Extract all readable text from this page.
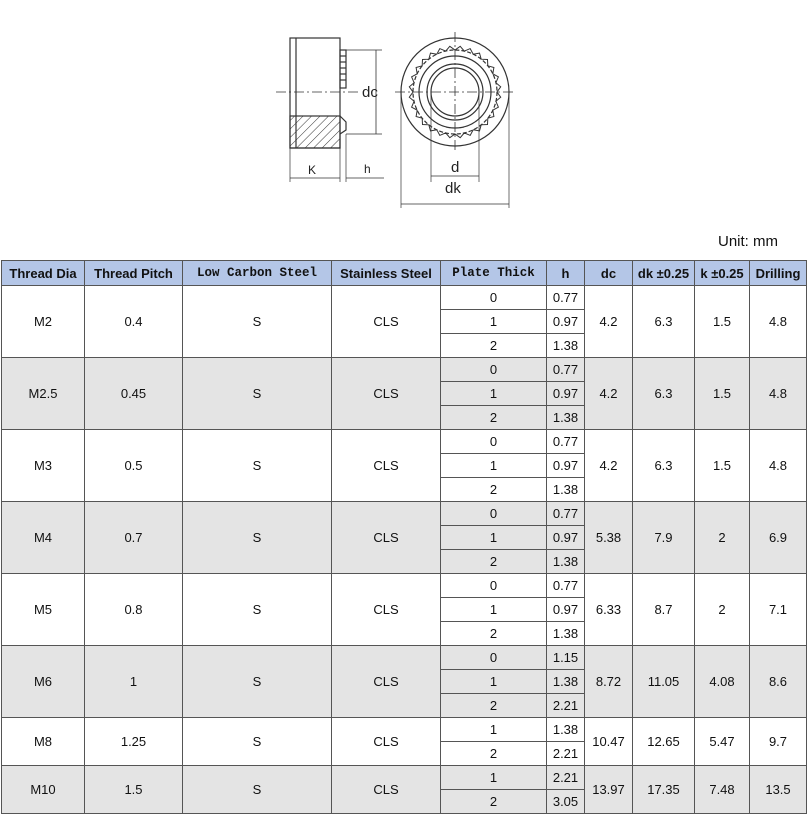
dc
K	h	d
dk
Unit: mm
Thread Dia	Thread Pitch	Low Carbon Steel	Stainless Steel	Plate Thick	h	dc	dk ±0.25	k ±0.25	Drilling
M2	0.4	S	CLS	0	0.77	4.2	6.3	1.5	4.8
				1	0.97				
				2	1.38				
M2.5	0.45	S	CLS	0	0.77	4.2	6.3	1.5	4.8
				1	0.97				
				2	1.38				
M3	0.5	S	CLS	0	0.77	4.2	6.3	1.5	4.8
				1	0.97				
				2	1.38				
M4	0.7	S	CLS	0	0.77	5.38	7.9	2	6.9
				1	0.97				
				2	1.38				
M5	0.8	S	CLS	0	0.77	6.33	8.7	2	7.1
				1	0.97				
				2	1.38				
M6	1	S	CLS	0	1.15	8.72	11.05	4.08	8.6
				1	1.38				
				2	2.21				
M8	1.25	S	CLS	1	1.38	10.47	12.65	5.47	9.7
				2	2.21				
M10	1.5	S	CLS	1	2.21	13.97	17.35	7.48	13.5
				2	3.05				
